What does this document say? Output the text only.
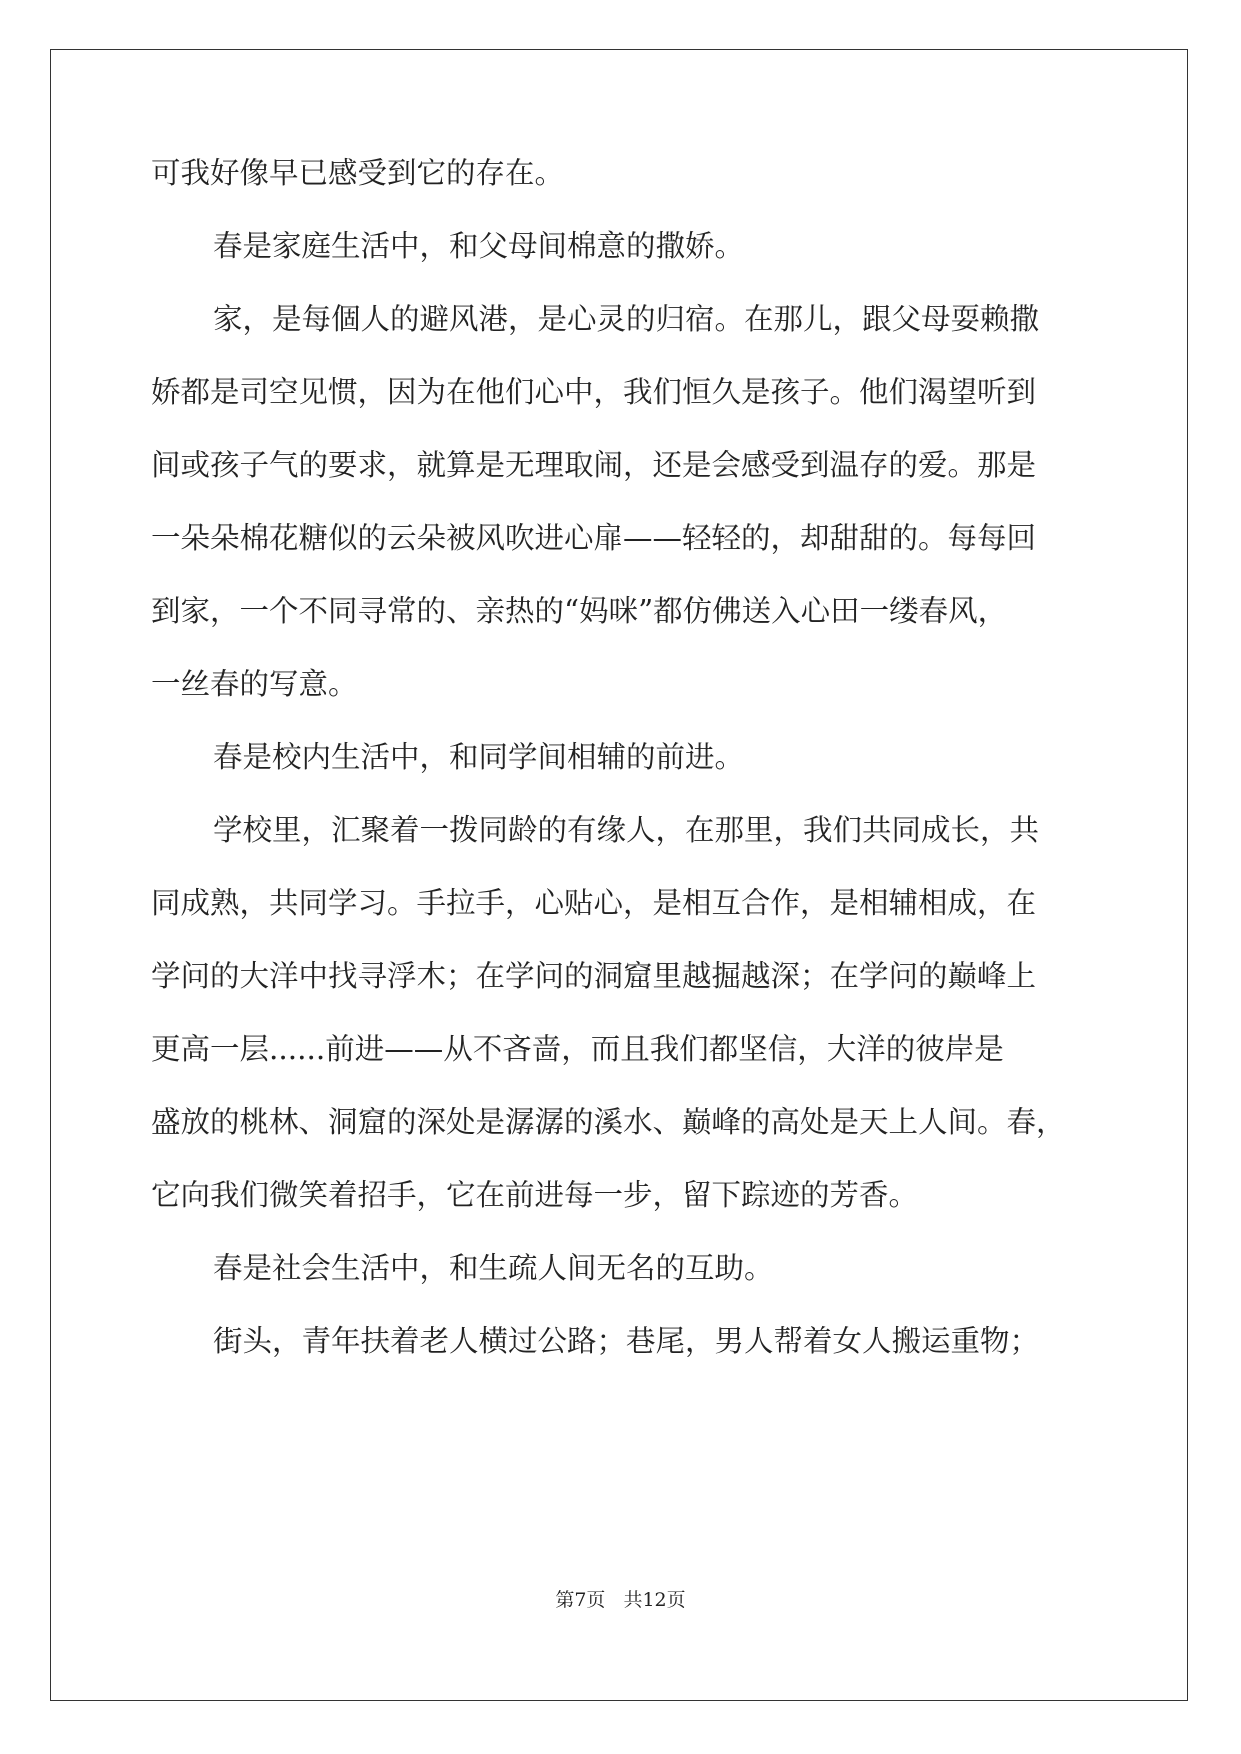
可我好像早已感受到它的存在。
春是家庭生活中，和父母间棉意的撒娇。
家，是每個人的避风港，是心灵的归宿。在那儿，跟父母耍赖撒
娇都是司空见惯，因为在他们心中，我们恒久是孩子。他们渴望听到
间或孩子气的要求，就算是无理取闹，还是会感受到温存的爱。那是
一朵朵棉花糖似的云朵被风吹进心扉——轻轻的，却甜甜的。每每回
到家，一个不同寻常的、亲热的“妈咪”都仿佛送入心田一缕春风，
一丝春的写意。
春是校内生活中，和同学间相辅的前进。
学校里，汇聚着一拨同龄的有缘人，在那里，我们共同成长，共
同成熟，共同学习。手拉手，心贴心，是相互合作，是相辅相成，在
学问的大洋中找寻浮木；在学问的洞窟里越掘越深；在学问的巅峰上
更高一层......前进——从不吝啬，而且我们都坚信，大洋的彼岸是
盛放的桃林、洞窟的深处是潺潺的溪水、巅峰的高处是天上人间。春，
它向我们微笑着招手，它在前进每一步，留下踪迹的芳香。
春是社会生活中，和生疏人间无名的互助。
街头，青年扶着老人横过公路；巷尾，男人帮着女人搬运重物；
第7页 共12页
